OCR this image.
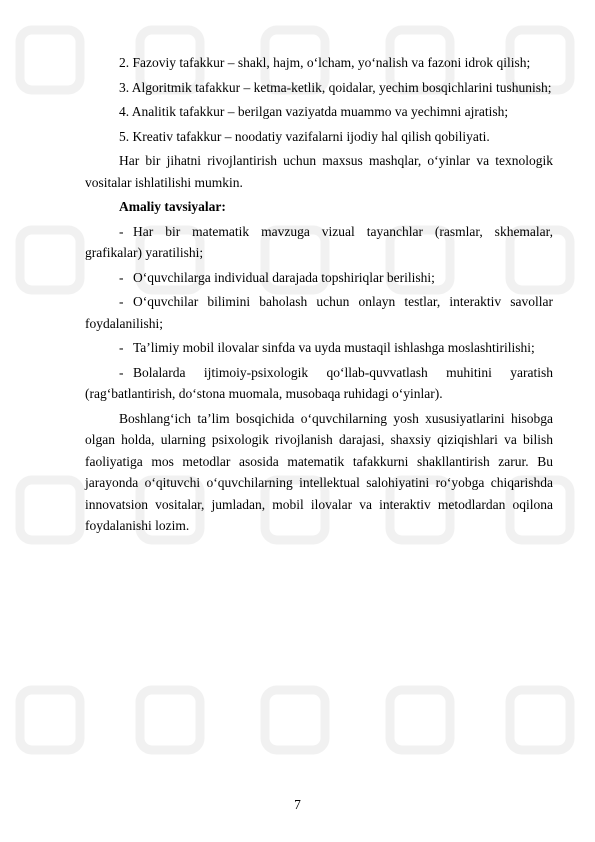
2. Fazoviy tafakkur – shakl, hajm, o‘lcham, yo‘nalish va fazoni idrok qilish;

3. Algoritmik tafakkur – ketma-ketlik, qoidalar, yechim bosqichlarini tushunish;

4. Analitik tafakkur – berilgan vaziyatda muammo va yechimni ajratish;

5. Kreativ tafakkur – noodatiy vazifalarni ijodiy hal qilish qobiliyati.

Har bir jihatni rivojlantirish uchun maxsus mashqlar, o‘yinlar va texnologik vositalar ishlatilishi mumkin.

Amaliy tavsiyalar:

- Har bir matematik mavzuga vizual tayanchlar (rasmlar, skhemalar, grafikalar) yaratilishi;
- O‘quvchilarga individual darajada topshiriqlar berilishi;
- O‘quvchilar bilimini baholash uchun onlayn testlar, interaktiv savollar foydalanilishi;
- Ta’limiy mobil ilovalar sinfda va uyda mustaqil ishlashga moslashtirilishi;
- Bolalarda ijtimoiy-psixologik qo‘llab-quvvatlash muhitini yaratish (rag‘batlantirish, do‘stona muomala, musobaqa ruhidagi o‘yinlar).

Boshlang‘ich ta’lim bosqichida o‘quvchilarning yosh xususiyatlarini hisobga olgan holda, ularning psixologik rivojlanish darajasi, shaxsiy qiziqishlari va bilish faoliyatiga mos metodlar asosida matematik tafakkurni shakllantirish zarur. Bu jarayonda o‘qituvchi o‘quvchilarning intellektual salohiyatini ro‘yobga chiqarishda innovatsion vositalar, jumladan, mobil ilovalar va interaktiv metodlardan oqilona foydalanishi lozim.

7
